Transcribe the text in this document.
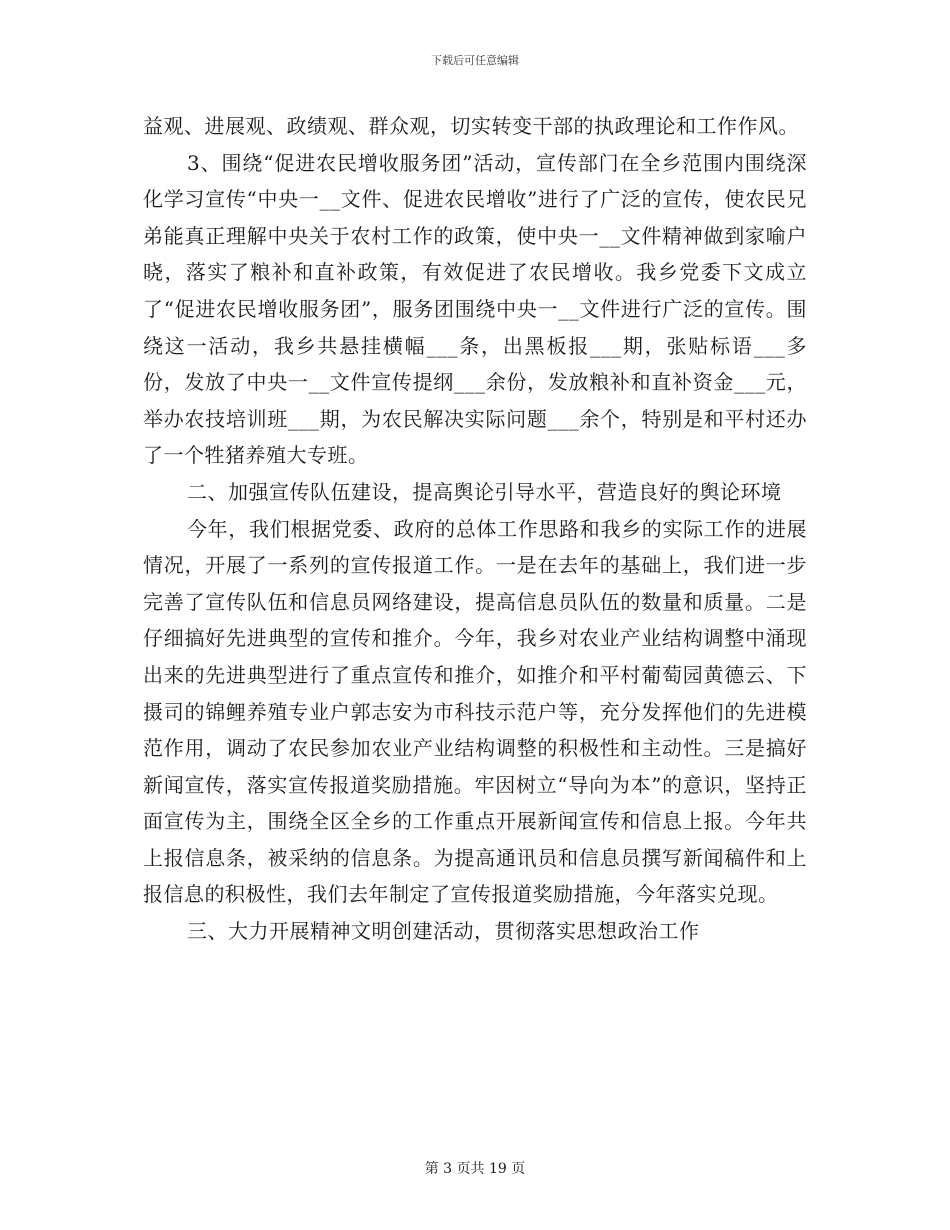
下载后可任意编辑

益观、进展观、政绩观、群众观，切实转变干部的执政理论和工作作风。

3、围绕“促进农民增收服务团”活动，宣传部门在全乡范围内围绕深化学习宣传“中央一__文件、促进农民增收”进行了广泛的宣传，使农民兄弟能真正理解中央关于农村工作的政策，使中央一__文件精神做到家喻户晓，落实了粮补和直补政策，有效促进了农民增收。我乡党委下文成立了“促进农民增收服务团”，服务团围绕中央一__文件进行广泛的宣传。围绕这一活动，我乡共悬挂横幅___条，出黑板报___期，张贴标语___多份，发放了中央一__文件宣传提纲___余份，发放粮补和直补资金___元，举办农技培训班___期，为农民解决实际问题___余个，特别是和平村还办了一个牲猪养殖大专班。

二、加强宣传队伍建设，提高舆论引导水平，营造良好的舆论环境

今年，我们根据党委、政府的总体工作思路和我乡的实际工作的进展情况，开展了一系列的宣传报道工作。一是在去年的基础上，我们进一步完善了宣传队伍和信息员网络建设，提高信息员队伍的数量和质量。二是仔细搞好先进典型的宣传和推介。今年，我乡对农业产业结构调整中涌现出来的先进典型进行了重点宣传和推介，如推介和平村葡萄园黄德云、下摄司的锦鲤养殖专业户郭志安为市科技示范户等，充分发挥他们的先进模范作用，调动了农民参加农业产业结构调整的积极性和主动性。三是搞好新闻宣传，落实宣传报道奖励措施。牢因树立“导向为本”的意识，坚持正面宣传为主，围绕全区全乡的工作重点开展新闻宣传和信息上报。今年共上报信息条，被采纳的信息条。为提高通讯员和信息员撰写新闻稿件和上报信息的积极性，我们去年制定了宣传报道奖励措施，今年落实兑现。

三、大力开展精神文明创建活动，贯彻落实思想政治工作

第 3 页共 19 页
